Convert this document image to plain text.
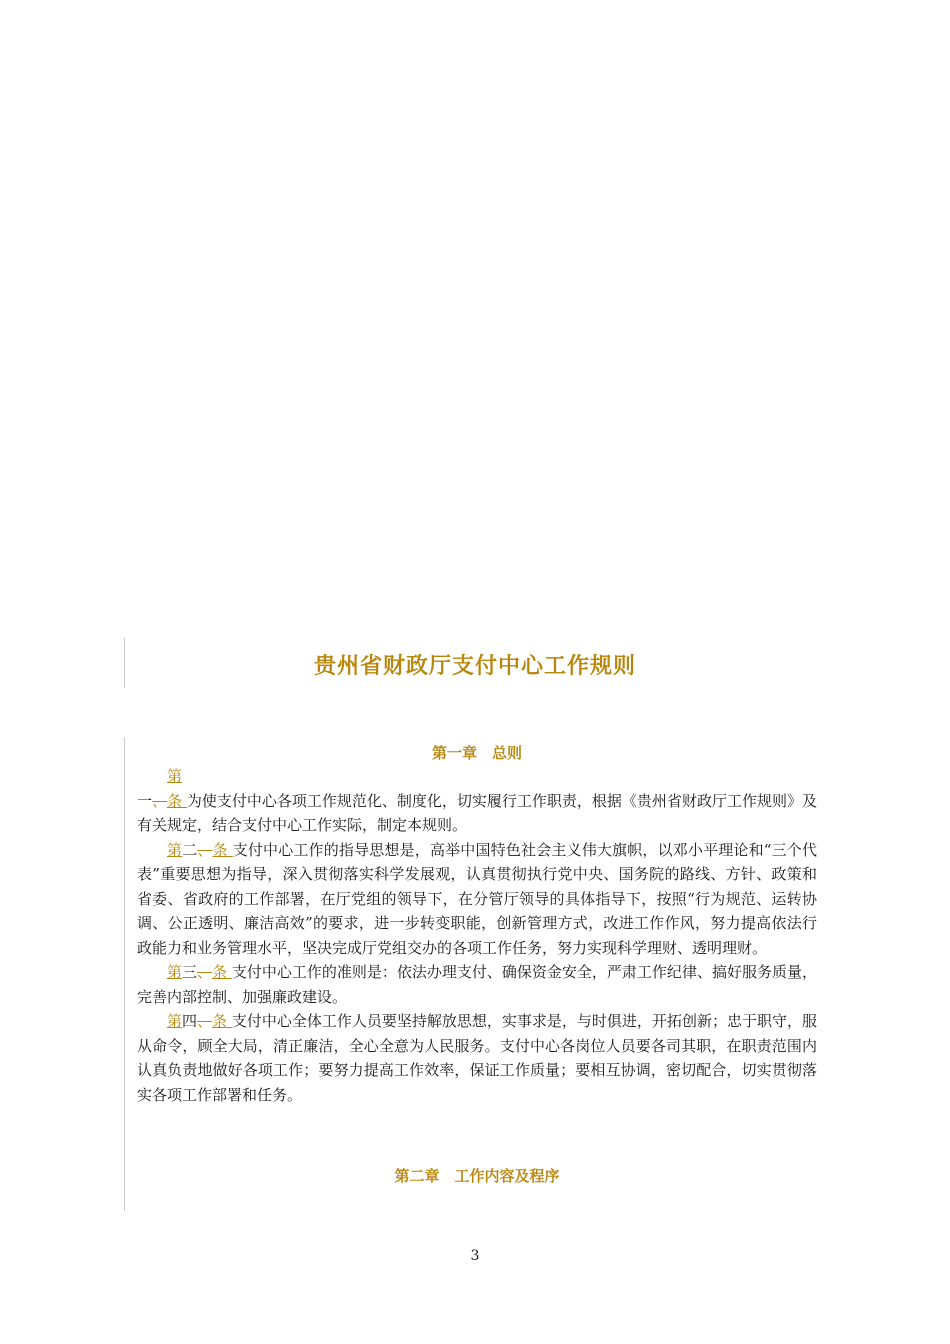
贵州省财政厅支付中心工作规则
第一章　总则

第
一、条 为使支付中心各项工作规范化、制度化，切实履行工作职责，根据《贵州省财政厅工作规则》及有关规定，结合支付中心工作实际，制定本规则。

第二、条 支付中心工作的指导思想是，高举中国特色社会主义伟大旗帜，以邓小平理论和“三个代表”重要思想为指导，深入贯彻落实科学发展观，认真贯彻执行党中央、国务院的路线、方针、政策和省委、省政府的工作部署，在厅党组的领导下，在分管厅领导的具体指导下，按照“行为规范、运转协调、公正透明、廉洁高效”的要求，进一步转变职能，创新管理方式，改进工作作风，努力提高依法行政能力和业务管理水平，坚决完成厅党组交办的各项工作任务，努力实现科学理财、透明理财。

第三、条 支付中心工作的准则是：依法办理支付、确保资金安全，严肃工作纪律、搞好服务质量，完善内部控制、加强廉政建设。

第四、条 支付中心全体工作人员要坚持解放思想，实事求是，与时俱进，开拓创新；忠于职守，服从命令，顾全大局，清正廉洁，全心全意为人民服务。支付中心各岗位人员要各司其职，在职责范围内认真负责地做好各项工作；要努力提高工作效率，保证工作质量；要相互协调，密切配合，切实贯彻落实各项工作部署和任务。

第二章　工作内容及程序
3
